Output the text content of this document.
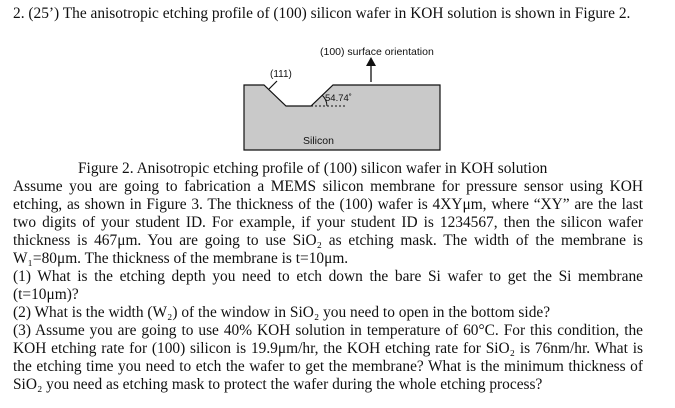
2. (25’) The anisotropic etching profile of (100) silicon wafer in KOH solution is shown in Figure 2.
(100) surface orientation
(111)
54.74˚
Silicon
Figure 2. Anisotropic etching profile of (100) silicon wafer in KOH solution

Assume you are going to fabrication a MEMS silicon membrane for pressure sensor using KOH etching, as shown in Figure 3. The thickness of the (100) wafer is 4XYμm, where “XY” are the last two digits of your student ID. For example, if your student ID is 1234567, then the silicon wafer thickness is 467μm. You are going to use SiO₂ as etching mask. The width of the membrane is W₁=80μm. The thickness of the membrane is t=10μm.

(1) What is the etching depth you need to etch down the bare Si wafer to get the Si membrane (t=10μm)?

(2) What is the width (W₂) of the window in SiO₂ you need to open in the bottom side?

(3) Assume you are going to use 40% KOH solution in temperature of 60°C. For this condition, the KOH etching rate for (100) silicon is 19.9μm/hr, the KOH etching rate for SiO₂ is 76nm/hr. What is the etching time you need to etch the wafer to get the membrane? What is the minimum thickness of SiO₂ you need as etching mask to protect the wafer during the whole etching process?
